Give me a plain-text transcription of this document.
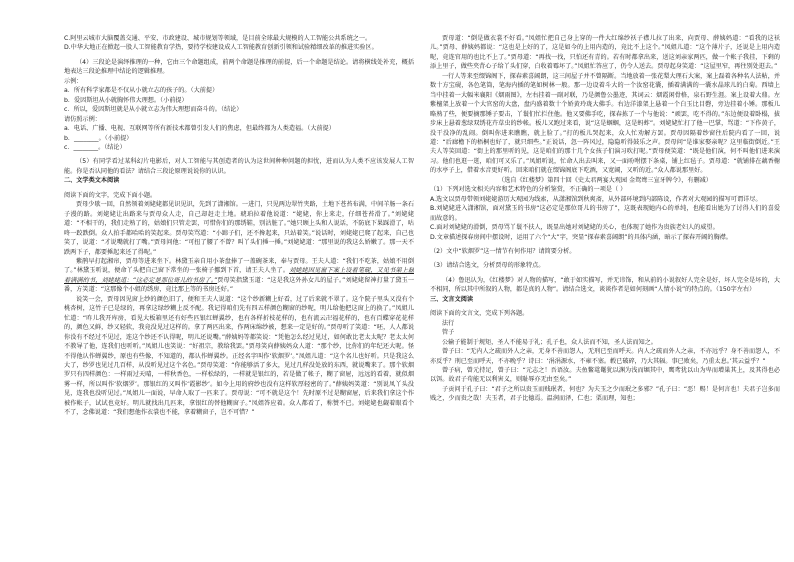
C.阿里云城市大脑覆盖交通、平安、市政建设、城市规划等领域，是目前全球最大规模的人工智能公共系统之一。

D.中华大地正在掀起一股人工智能教育学热，要持学校建设成人工智能教育创新引领和试验精细改革的推进实验区。

（4）三段论是演绎推理的一种，它由三个命题组成，前两个命题是推理的前提，后一个命题是结论。请将横线处补充，概括地表达三段论推理中结论的逻辑推理。

示例：

a．所有科学家都是不仅从小就立志的孩子的。（大前提）

b．爱因斯坦从小就胸怀伟大理想。（小前提）

c．所以，爱因斯坦就是从小就立志为伟大理想而奋斗的。（结论）

请仿照示例：

a．电话、广播、电视、互联网等所有新技术都曾引发人们的焦虑，但最终都为人类造福。（大前提）

b．________。（小前提）

c．________。（结论）

（5）有同学看过某科幻片电影后，对人工智能与其创造者的认为这世间种种问题的担忧，进而认为人类不应该发展人工智能。你是否认同他的看法？请结合三段论原理说说你的认识。

二、文学类文本阅读

阅读下面的文字，完成下面小题。

贾母少歇一回，自然领着刘姥姥都见识见识，先到了潇湘馆。一进门，只见两边翠竹夹路，土地下苍苔布满，中间羊肠一条石子漫的路。刘姥姥让出路来与贾母众人走，自己却赶走土地。琥珀拉着他说道：“姥姥，你上来走，仔细苍苔滑了。”刘姥姥道：“不相干的，我们走熟了的，姑娘们只管走罢，可惜你们的那绣鞋，别沾脏了。”她只顾上头和人说话，不防底下果踩滑了，咕咚一跤跌倒。众人拍手都哈哈的笑起来。贾母笑骂道：“小蹄子们，还不搀起来，只站着笑。”说话时，刘姥姥已爬了起来，自己也笑了，说道：“才说嘴就打了嘴。”贾母问他：“可扭了腰了不曾？叫丫头们捶一捶。”刘姥姥道：“那里说的我这么娇嫩了。那一天不跌两下子，都要捶起来还了得呢。”

紫鹃早打起湘帘，贾母等进来坐下。林黛玉亲自用小茶盘捧了一盖碗茶来，奉与贾母。王夫人道：“我们不吃茶，姑娘不用倒了。”林黛玉听说，便命丫头把自己窗下常坐的一张椅子挪到下首，请王夫人坐了。刘姥姥因见窗下案上设着笔砚，又见书架上磊着满满的书，刘姥姥道：“这必定是那位哥儿的书房了。”贾母笑指黛玉道：“这是我这外孙女儿的屋子。”刘姥姥留神打量了黛玉一番，方笑道：“这那像个小姐的绣房，竟比那上等的书房还好。”

说笑一会，贾母因见窗上纱的颜色旧了，便和王夫人说道：“这个纱新糊上好看，过了后来就不翠了。这个院子里头又没有个桃杏树，这竹子已是绿的，再拿这绿纱糊上反不配。我记得咱们先有四五样颜色糊窗的纱呢，明儿给他把这窗上的换了。”凤姐儿忙道：“昨儿我开库房，看见大板箱里还有好些匹银红蝉翼纱，也有各样折枝花样的，也有流云卍福花样的，也有百蝶穿花花样的，颜色又鲜，纱又轻软，我竟没见过这样的。拿了两匹出来，作两床绵纱被，想来一定是好的。”贾母听了笑道：“呸，人人都说你没有不经过不见过，连这个纱还不认得呢，明儿还说嘴。”薛姨妈等都笑说：“凭他怎么经过见过，如何敢比老太太呢？老太太何不教导了他，连我们也听听。”凤姐儿也笑说：“好祖宗，教给我罢。”贾母笑向薛姨妈众人道：“那个纱，比你们的年纪还大呢。怪不得他认作蝉翼纱，原也有些像，不知道的，都认作蝉翼纱。正经名字叫作‘软烟罗’。”凤姐儿道：“这个名儿也好听。只是我这么大了，纱罗也见过几百样，从没听见过这个名色。”贾母笑道：“你能够活了多大，见过几样没处放的东西，就说嘴来了。那个软烟罗只有四样颜色：一样雨过天晴，一样秋香色，一样松绿的，一样就是银红的，若是做了帐子，糊了窗屉，远远的看着，就似烟雾一样，所以叫作‘软烟罗’。那银红的又叫作‘霞影纱’。如今上用的府纱也没有这样软厚轻密的了。”薛姨妈笑道：“别说凤丫头没见，连我也没听见过。”凤姐儿一面说，早命人取了一匹来了。贾母说：“可不就是这个！先时原不过是糊窗屉，后来我们拿这个作被作帐子，试试也竟好。明儿就找出几匹来，拿银红的替他糊窗子。”凤姐答应着。众人都看了，称赞不已。刘姥姥也觑着眼看个不了，念佛说道：“我们想他作衣裳也不能，拿着糊窗子，岂不可惜？”

贾母道：“倒是做衣裳不好看。”凤姐忙把自己身上穿的一件大红绵纱袄子襟儿拉了出来，向贾母、薛姨妈道：“看我的这袄儿。”贾母、薛姨妈都说：“这也是上好的了，这是如今的上用内造的，竟比不上这个。”凤姐儿道：“这个薄片子，还说是上用内造呢，竟连官用的也比不上了。”贾母道：“再找一找，只怕还有青的。若有时都拿出来，送这刘亲家两匹，做一个帐子我挂，下剩的添上里子，做些夹背心子给丫头们穿，白收着霉坏了。”凤姐忙答应了，仍令人送去。贾母起身笑道：“这屋里窄，再往别处逛去。”

一行人等来至缀锦阁下，探春素喜阔朗，这三间屋子并不曾隔断。当地放着一张花梨大理石大案，案上磊着各种名人法帖，并数十方宝砚，各色笔筒，笔海内插的笔如树林一般。那一边设着斗大的一个汝窑花囊，插着满满的一囊水晶球儿的白菊。西墙上当中挂着一大幅米襄阳《烟雨图》，左右挂着一副对联，乃是颜鲁公墨迹，其词云：烟霞闲骨格，泉石野生涯。案上设着大鼎。左紫檀架上放着一个大官窑的大盘，盘内盛着数十个娇黄玲珑大佛手。右边洋漆架上悬着一个白玉比目磬，旁边挂着小锤。那板儿略熟了些，便要摘那锤子要击，丫鬟们忙拦住他。他又要佛手吃，探春拣了一个与他说：“顽罢，吃不得的。”东边便设着卧榻，拔步床上悬着葱绿双绣花卉草虫的纱帐。板儿又跑过来看，说“这是蝈蝈，这是蚂蚱”。刘姥姥忙打了他一巴掌，骂道：“下作黄子，没干没净的乱闹。倒叫你进来瞧瞧，就上脸了。”打的板儿哭起来，众人忙劝解方罢。贾母因隔着纱窗往后院内看了一回，说道：“后廊檐下的梧桐也好了，就只细些。”正说话，忽一阵风过，隐隐听得鼓乐之声。贾母问“是谁家娶亲呢？这里临街倒近。”王夫人等笑回道：“街上的那里听的见，这是咱们的那十几个女孩子们演习吹打呢。”贾母便笑道：“既是他们演，何不叫他们进来演习。他们也逛一逛，咱们可又乐了。”凤姐听说，忙命人出去叫来，又一面吩咐摆下条桌，铺上红毡子。贾母道：“就铺排在藕香榭的水亭子上，借着水音更好听。回来咱们就在缀锦阁底下吃酒，又宽阔，又听的近。”众人都说那里好。

（选自《红楼梦》第四十回《史太君两宴大观园 金鸳鸯三宣牙牌令》，有删减）

（1）下列对选文相关内容和艺术特色的分析鉴赏，不正确的一项是（ ）

A.选文以贾母带领刘姥姥游历大观园为线索，从潇湘馆到秋爽斋，从外部环境到内部陈设，作者对大观园的描写可谓详尽。

B.刘姥姥进入潇湘馆，面对黛玉的书房“这必定是那位哥儿的书房了”，这既表现她内心的单纯，也能看出她为了讨得人们的喜爱而故意的。

C.面对刘姥姥的滑倒，贾母骂丫鬟不扶人，既显出她对刘姥姥的关心，也体现了她作为贵族老妇人的威望。

D.文章描述探春房间中摆设时，运用了六个“大”字，突显“探春素喜阔朗”的具体内涵，暗示了探春开阔的胸襟。

（2）文中“软烟罗”这一情节有何作用？请简要分析。

（3）请结合选文，分析贾母的形象特点。

（4）鲁迅认为，《红楼梦》对人物的描写，“敢于如实描写，并无讳饰，和从前的小说叙好人完全是好，坏人完全是坏的，大不相同，所以其中所叙的人物，都是真的人物”。请结合选文，谈谈作者是如何刻画“人情小说”的特点的。（150字左右）

三、文言文阅读

阅读下面的文言文，完成下列各题。

法行

管子

公输子能制于规矩，圣人不能易于礼；孔子也，众人法而不知，圣人法而知之。

曾子曰：“无内人之疏而外人之亲，无身不善而怨人，无刑已至而呼天。内人之疏而外人之亲，不亦远乎？身不善而怨人，不亦反乎？刑已至而呼天，不亦晚乎？诗曰：‘涓涓源水，不雍不塞。毂已破碎，乃大其辐。事已败矣，乃重太息。’其云益乎？”

曾子病，曾元持足，曾子曰：“元志之！吾语汝。夫鱼鳖鼋鼍犹以渊为浅而堀其中，鹰鸢犹以山为卑而增巢其上，及其得也必以饵。故君子苟能无以利害义，则耻辱亦无由至矣。”

子贡问于孔子曰：“君子之所以贵玉而贱珉者，何也？为夫玉之少而珉之多邪？”孔子曰：“恶！赐！是何言也！夫君子岂多而贱之，少而贵之哉！夫玉者，君子比德焉。温润而泽，仁也；栗而理，知也；
